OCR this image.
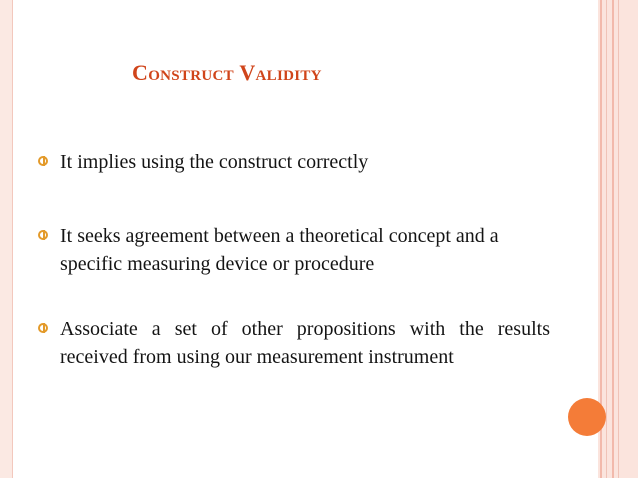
Construct Validity
It implies using the construct correctly
It seeks agreement between a theoretical concept and a specific measuring device or procedure
Associate a set of other propositions with the results received from using our measurement instrument
